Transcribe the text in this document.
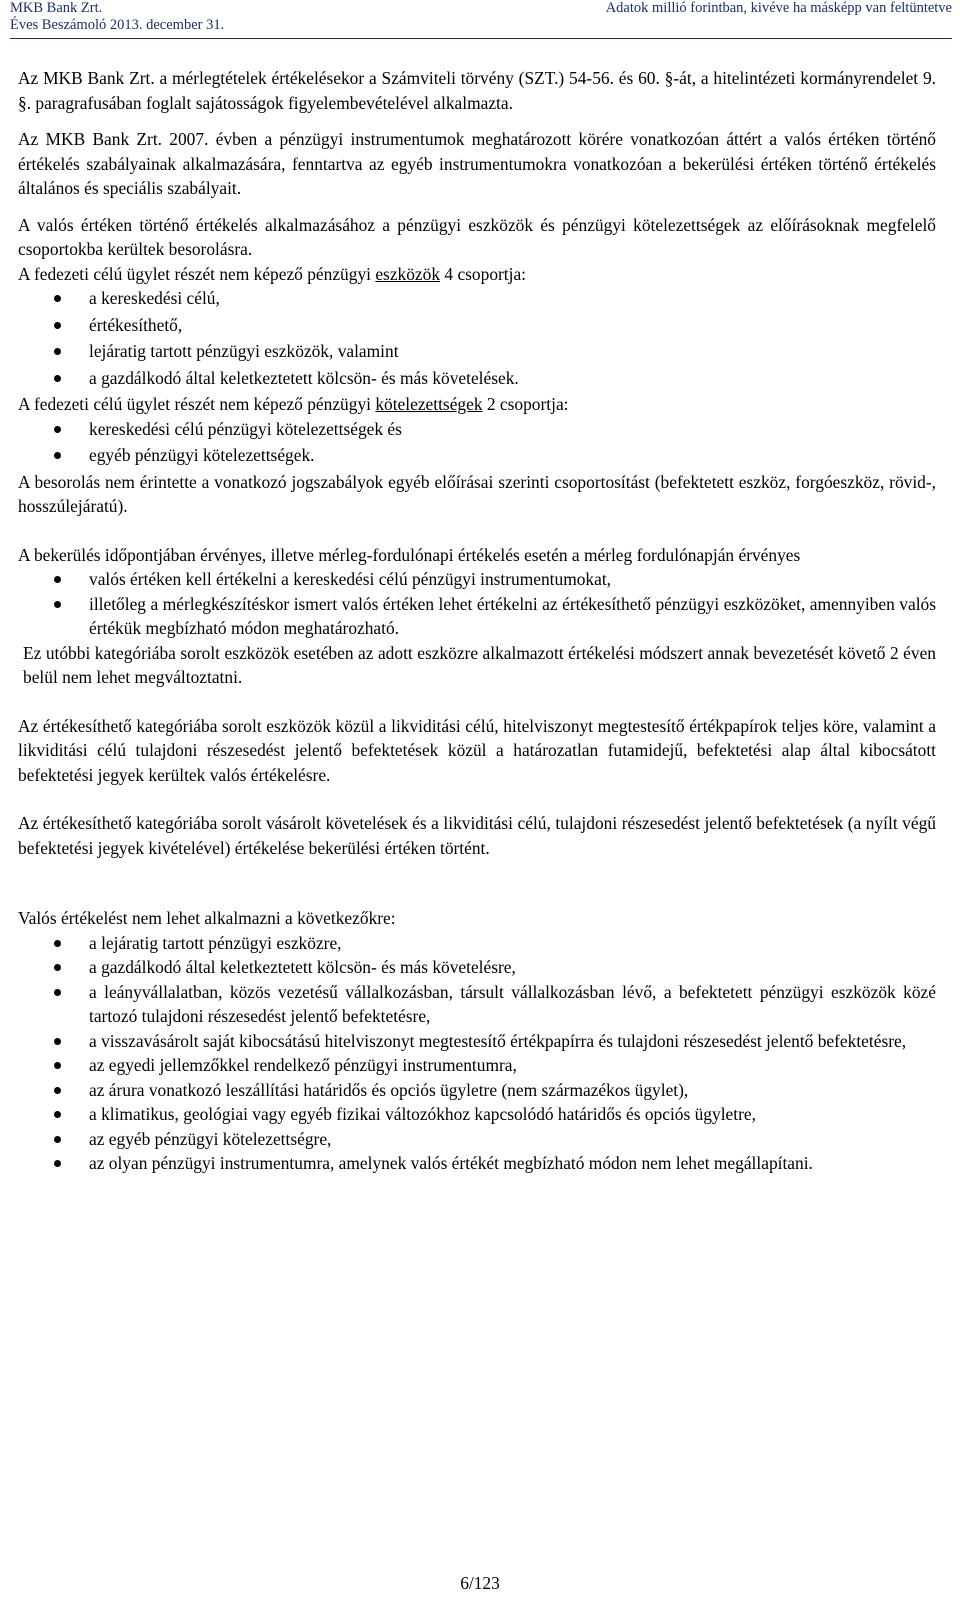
MKB Bank Zrt.
Éves Beszámoló 2013. december 31.
Adatok millió forintban, kivéve ha másképp van feltüntetve

Az MKB Bank Zrt. a mérlegtételek értékelésekor a Számviteli törvény (SZT.) 54-56. és 60. §-át, a hitelintézeti kormányrendelet 9. §. paragrafusában foglalt sajátosságok figyelembevételével alkalmazta.

Az MKB Bank Zrt. 2007. évben a pénzügyi instrumentumok meghatározott körére vonatkozóan áttért a valós értéken történő értékelés szabályainak alkalmazására, fenntartva az egyéb instrumentumokra vonatkozóan a bekerülési értéken történő értékelés általános és speciális szabályait.

A valós értéken történő értékelés alkalmazásához a pénzügyi eszközök és pénzügyi kötelezettségek az előírásoknak megfelelő csoportokba kerültek besorolásra.

A fedezeti célú ügylet részét nem képező pénzügyi eszközök 4 csoportja:

a kereskedési célú,
értékesíthető,
lejáratig tartott pénzügyi eszközök, valamint
a gazdálkodó által keletkeztetett kölcsön- és más követelések.

A fedezeti célú ügylet részét nem képező pénzügyi kötelezettségek 2 csoportja:

kereskedési célú pénzügyi kötelezettségek és
egyéb pénzügyi kötelezettségek.

A besorolás nem érintette a vonatkozó jogszabályok egyéb előírásai szerinti csoportosítást (befektetett eszköz, forgóeszköz, rövid-, hosszúlejáratú).

A bekerülés időpontjában érvényes, illetve mérleg-fordulónapi értékelés esetén a mérleg fordulónapján érvényes

valós értéken kell értékelni a kereskedési célú pénzügyi instrumentumokat,
illetőleg a mérlegkészítéskor ismert valós értéken lehet értékelni az értékesíthető pénzügyi eszközöket, amennyiben valós értékük megbízható módon meghatározható.

Ez utóbbi kategóriába sorolt eszközök esetében az adott eszközre alkalmazott értékelési módszert annak bevezetését követő 2 éven belül nem lehet megváltoztatni.

Az értékesíthető kategóriába sorolt eszközök közül a likviditási célú, hitelviszonyt megtestesítő értékpapírok teljes köre, valamint a likviditási célú tulajdoni részesedést jelentő befektetések közül a határozatlan futamidejű, befektetési alap által kibocsátott befektetési jegyek kerültek valós értékelésre.

Az értékesíthető kategóriába sorolt vásárolt követelések és a likviditási célú, tulajdoni részesedést jelentő befektetések (a nyílt végű befektetési jegyek kivételével) értékelése bekerülési értéken történt.

Valós értékelést nem lehet alkalmazni a következőkre:

a lejáratig tartott pénzügyi eszközre,
a gazdálkodó által keletkeztetett kölcsön- és más követelésre,
a leányvállalatban, közös vezetésű vállalkozásban, társult vállalkozásban lévő, a befektetett pénzügyi eszközök közé tartozó tulajdoni részesedést jelentő befektetésre,
a visszavásárolt saját kibocsátású hitelviszonyt megtestesítő értékpapírra és tulajdoni részesedést jelentő befektetésre,
az egyedi jellemzőkkel rendelkező pénzügyi instrumentumra,
az árura vonatkozó leszállítási határidős és opciós ügyletre (nem származékos ügylet),
a klimatikus, geológiai vagy egyéb fizikai változókhoz kapcsolódó határidős és opciós ügyletre,
az egyéb pénzügyi kötelezettségre,
az olyan pénzügyi instrumentumra, amelynek valós értékét megbízható módon nem lehet megállapítani.
6/123
